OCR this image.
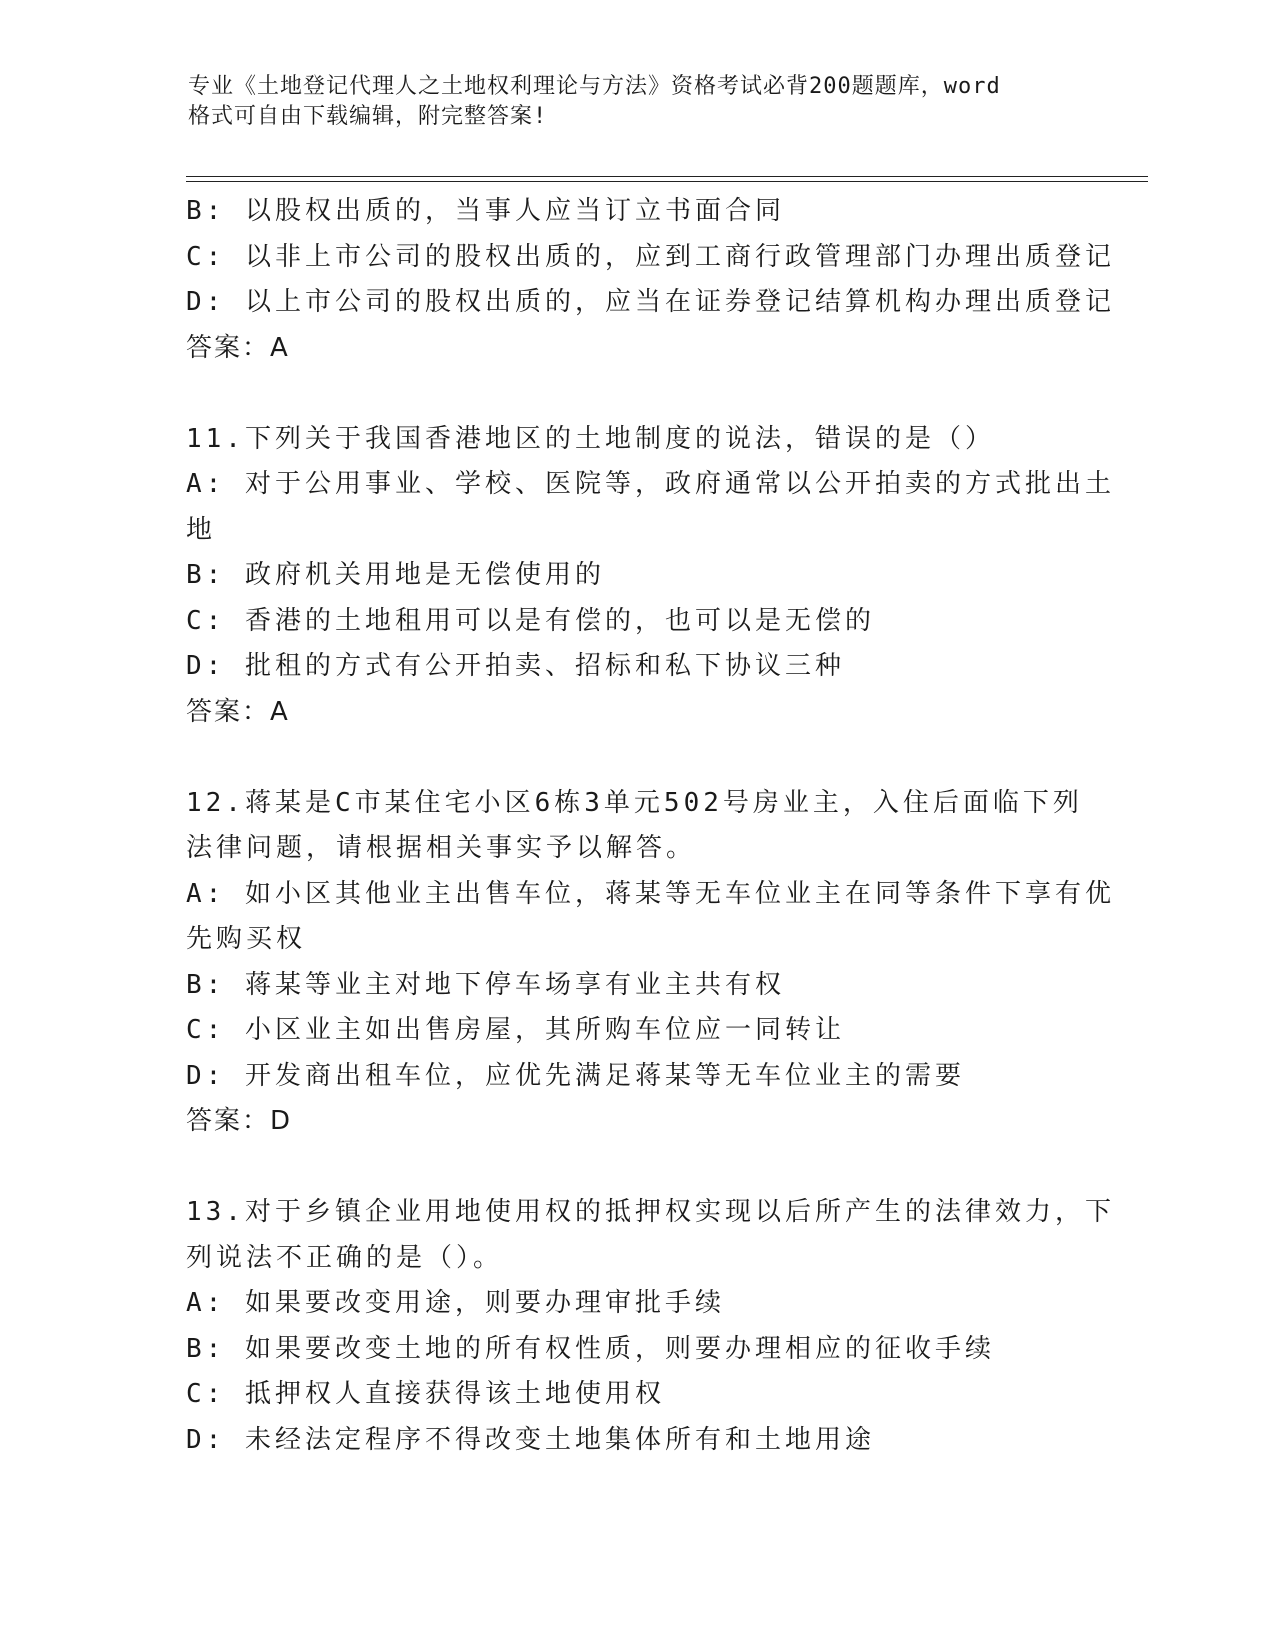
专业《土地登记代理人之土地权利理论与方法》资格考试必背200题题库，word
格式可自由下载编辑，附完整答案!
B: 以股权出质的，当事人应当订立书面合同
C: 以非上市公司的股权出质的，应到工商行政管理部门办理出质登记
D: 以上市公司的股权出质的，应当在证券登记结算机构办理出质登记
答案：A
11.下列关于我国香港地区的土地制度的说法，错误的是（）
A: 对于公用事业、学校、医院等，政府通常以公开拍卖的方式批出土
地
B: 政府机关用地是无偿使用的
C: 香港的土地租用可以是有偿的，也可以是无偿的
D: 批租的方式有公开拍卖、招标和私下协议三种
答案：A
12.蒋某是C市某住宅小区6栋3单元502号房业主，入住后面临下列
法律问题，请根据相关事实予以解答。
A: 如小区其他业主出售车位，蒋某等无车位业主在同等条件下享有优
先购买权
B: 蒋某等业主对地下停车场享有业主共有权
C: 小区业主如出售房屋，其所购车位应一同转让
D: 开发商出租车位，应优先满足蒋某等无车位业主的需要
答案：D
13.对于乡镇企业用地使用权的抵押权实现以后所产生的法律效力，下
列说法不正确的是（）。
A: 如果要改变用途，则要办理审批手续
B: 如果要改变土地的所有权性质，则要办理相应的征收手续
C: 抵押权人直接获得该土地使用权
D: 未经法定程序不得改变土地集体所有和土地用途
